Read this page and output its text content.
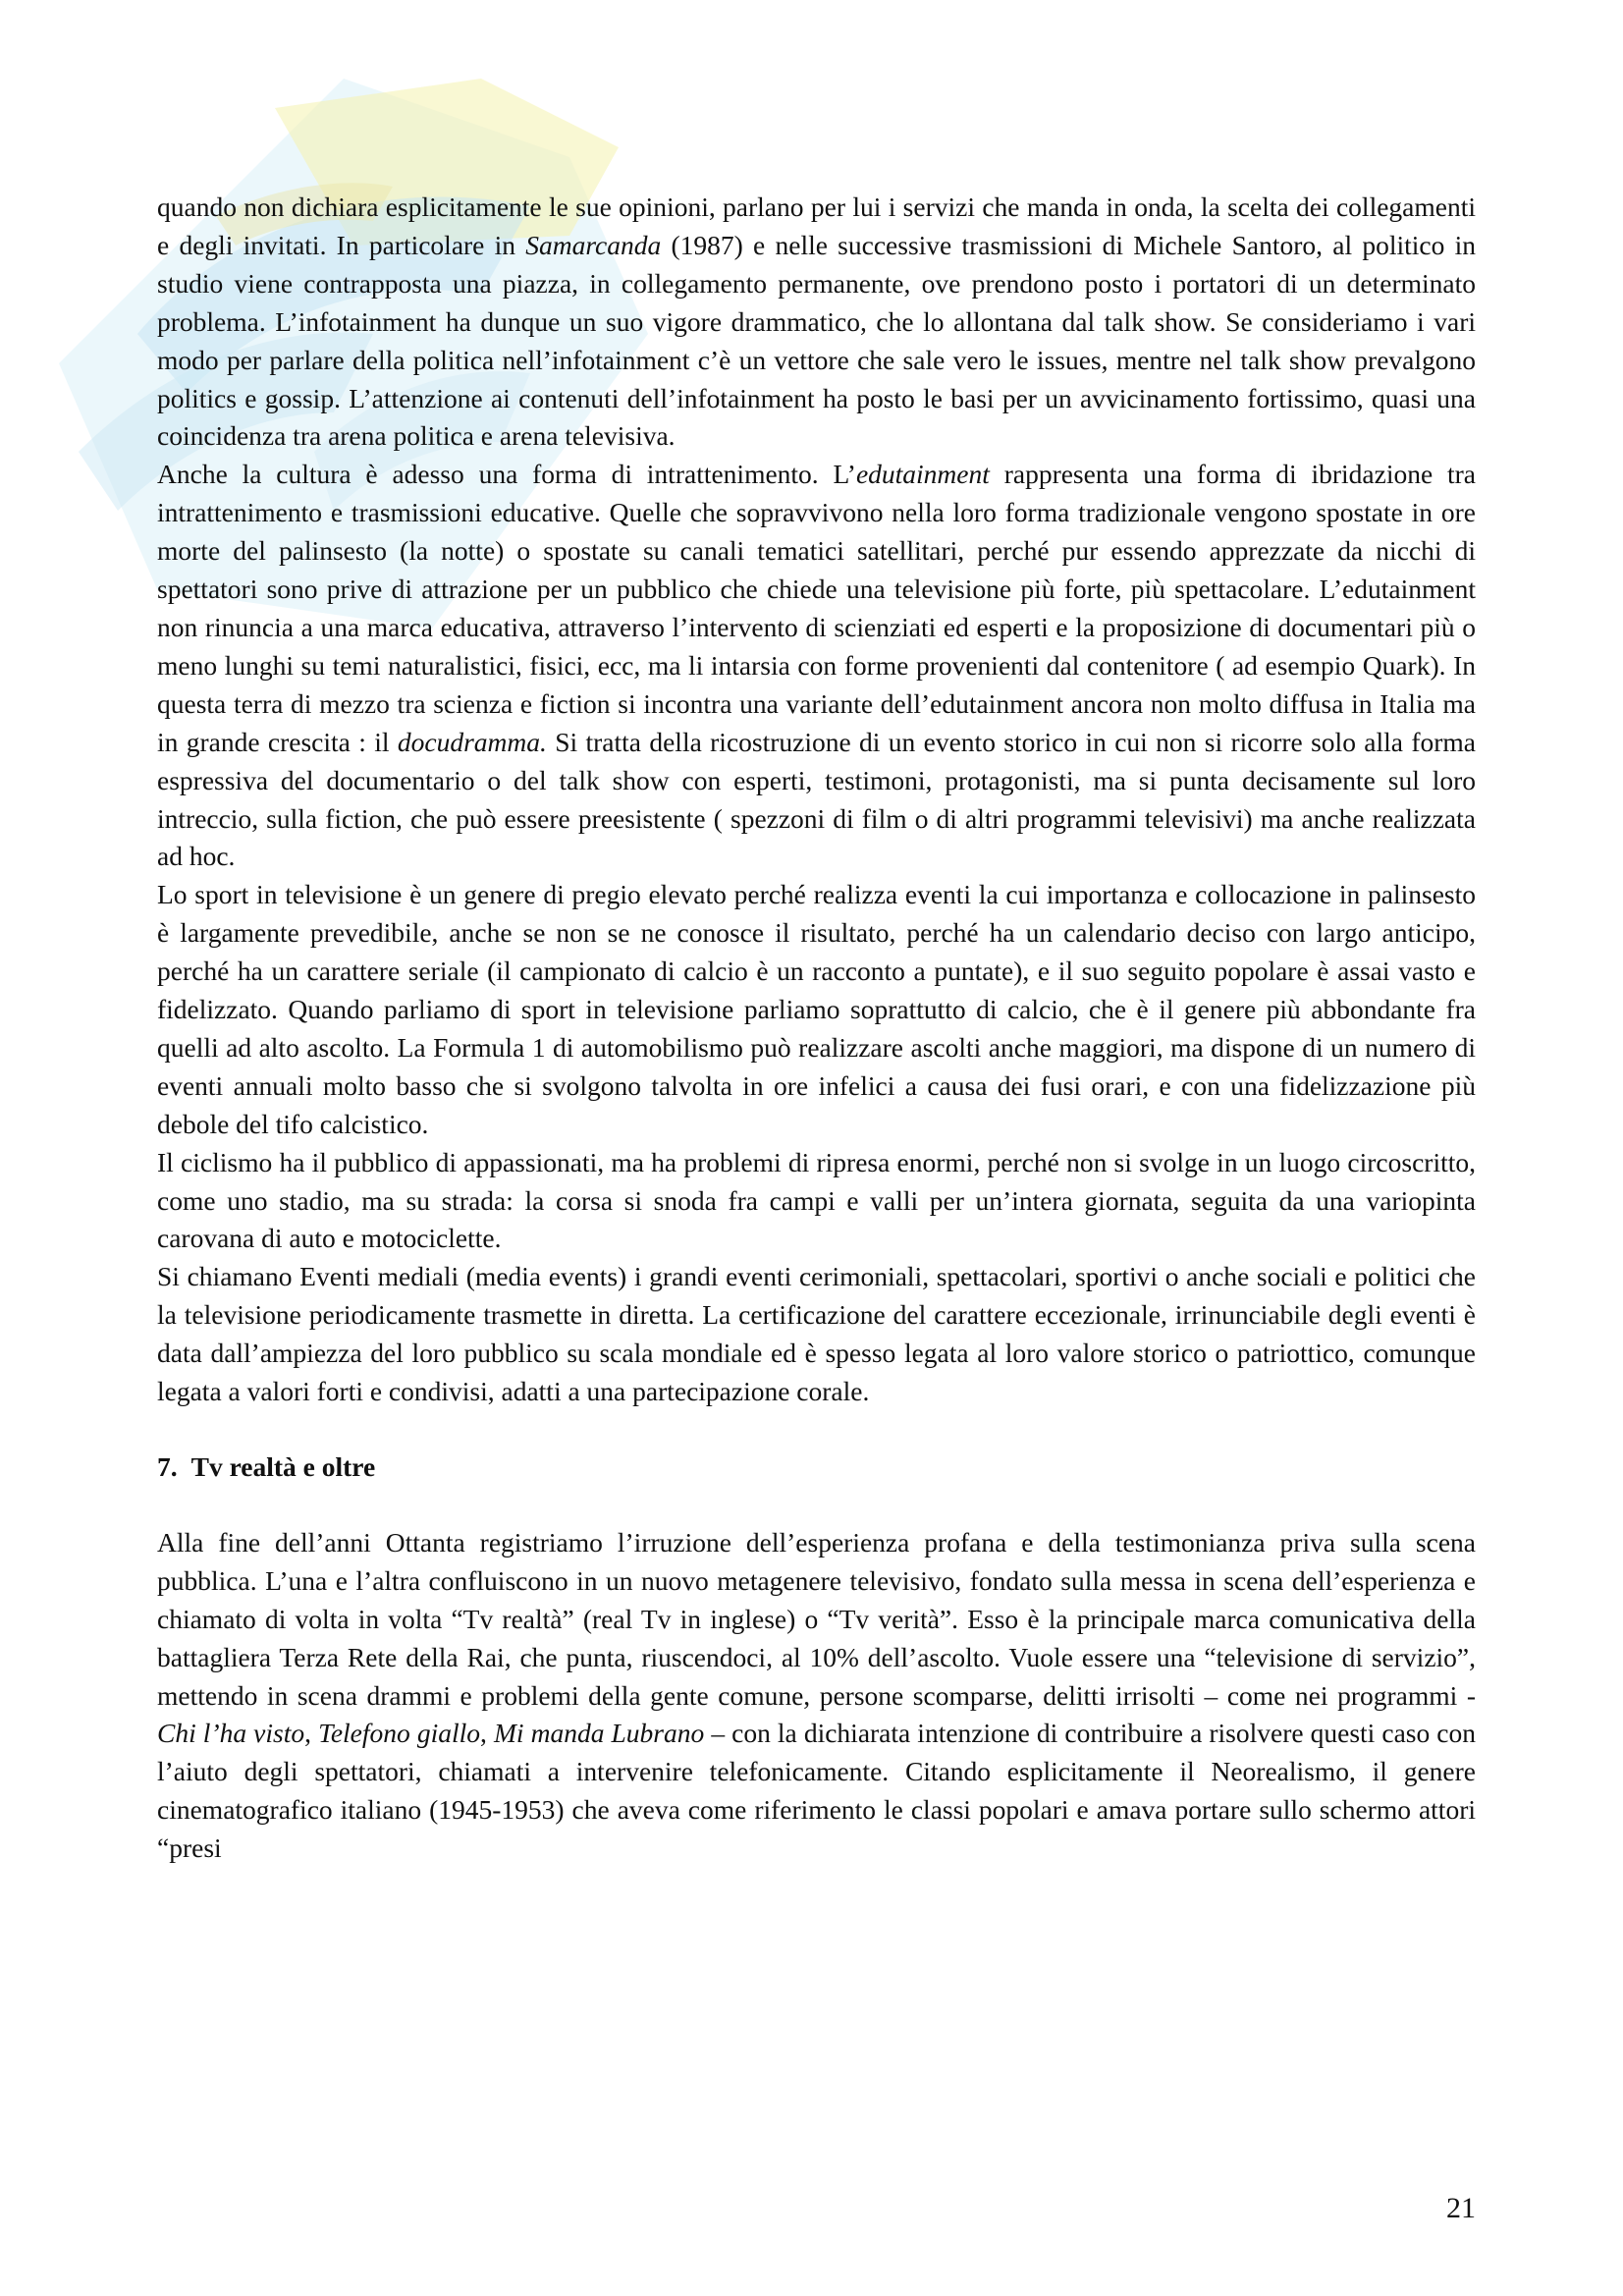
quando non dichiara esplicitamente le sue opinioni, parlano per lui i servizi che manda in onda, la scelta dei collegamenti e degli invitati. In particolare in Samarcanda (1987) e nelle successive trasmissioni di Michele Santoro, al politico in studio viene contrapposta una piazza, in collegamento permanente, ove prendono posto i portatori di un determinato problema. L’infotainment ha dunque un suo vigore drammatico, che lo allontana dal talk show. Se consideriamo i vari modo per parlare della politica nell’infotainment c’è un vettore che sale vero le issues, mentre nel talk show prevalgono politics e gossip. L’attenzione ai contenuti dell’infotainment ha posto le basi per un avvicinamento fortissimo, quasi una coincidenza tra arena politica e arena televisiva.

Anche la cultura è adesso una forma di intrattenimento. L’edutainment rappresenta una forma di ibridazione tra intrattenimento e trasmissioni educative. Quelle che sopravvivono nella loro forma tradizionale vengono spostate in ore morte del palinsesto (la notte) o spostate su canali tematici satellitari, perché pur essendo apprezzate da nicchi di spettatori sono prive di attrazione per un pubblico che chiede una televisione più forte, più spettacolare. L’edutainment non rinuncia a una marca educativa, attraverso l’intervento di scienziati ed esperti e la proposizione di documentari più o meno lunghi su temi naturalistici, fisici, ecc, ma li intarsia con forme provenienti dal contenitore ( ad esempio Quark). In questa terra di mezzo tra scienza e fiction si incontra una variante dell’edutainment ancora non molto diffusa in Italia ma in grande crescita : il docudramma. Si tratta della ricostruzione di un evento storico in cui non si ricorre solo alla forma espressiva del documentario o del talk show con esperti, testimoni, protagonisti, ma si punta decisamente sul loro intreccio, sulla fiction, che può essere preesistente ( spezzoni di film o di altri programmi televisivi) ma anche realizzata ad hoc.

Lo sport in televisione è un genere di pregio elevato perché realizza eventi la cui importanza e collocazione in palinsesto è largamente prevedibile, anche se non se ne conosce il risultato, perché ha un calendario deciso con largo anticipo, perché ha un carattere seriale (il campionato di calcio è un racconto a puntate), e il suo seguito popolare è assai vasto e fidelizzato. Quando parliamo di sport in televisione parliamo soprattutto di calcio, che è il genere più abbondante fra quelli ad alto ascolto. La Formula 1 di automobilismo può realizzare ascolti anche maggiori, ma dispone di un numero di eventi annuali molto basso che si svolgono talvolta in ore infelici a causa dei fusi orari, e con una fidelizzazione più debole del tifo calcistico.

Il ciclismo ha il pubblico di appassionati, ma ha problemi di ripresa enormi, perché non si svolge in un luogo circoscritto, come uno stadio, ma su strada: la corsa si snoda fra campi e valli per un’intera giornata, seguita da una variopinta carovana di auto e motociclette.

Si chiamano Eventi mediali (media events) i grandi eventi cerimoniali, spettacolari, sportivi o anche sociali e politici che la televisione periodicamente trasmette in diretta. La certificazione del carattere eccezionale, irrinunciabile degli eventi è data dall’ampiezza del loro pubblico su scala mondiale ed è spesso legata al loro valore storico o patriottico, comunque legata a valori forti e condivisi, adatti a una partecipazione corale.

7. Tv realtà e oltre

Alla fine dell’anni Ottanta registriamo l’irruzione dell’esperienza profana e della testimonianza priva sulla scena pubblica. L’una e l’altra confluiscono in un nuovo metagenere televisivo, fondato sulla messa in scena dell’esperienza e chiamato di volta in volta “Tv realtà” (real Tv in inglese) o “Tv verità”. Esso è la principale marca comunicativa della battagliera Terza Rete della Rai, che punta, riuscendoci, al 10% dell’ascolto. Vuole essere una “televisione di servizio”, mettendo in scena drammi e problemi della gente comune, persone scomparse, delitti irrisolti – come nei programmi - Chi l’ha visto, Telefono giallo, Mi manda Lubrano – con la dichiarata intenzione di contribuire a risolvere questi caso con l’aiuto degli spettatori, chiamati a intervenire telefonicamente. Citando esplicitamente il Neorealismo, il genere cinematografico italiano (1945-1953) che aveva come riferimento le classi popolari e amava portare sullo schermo attori “presi

21
